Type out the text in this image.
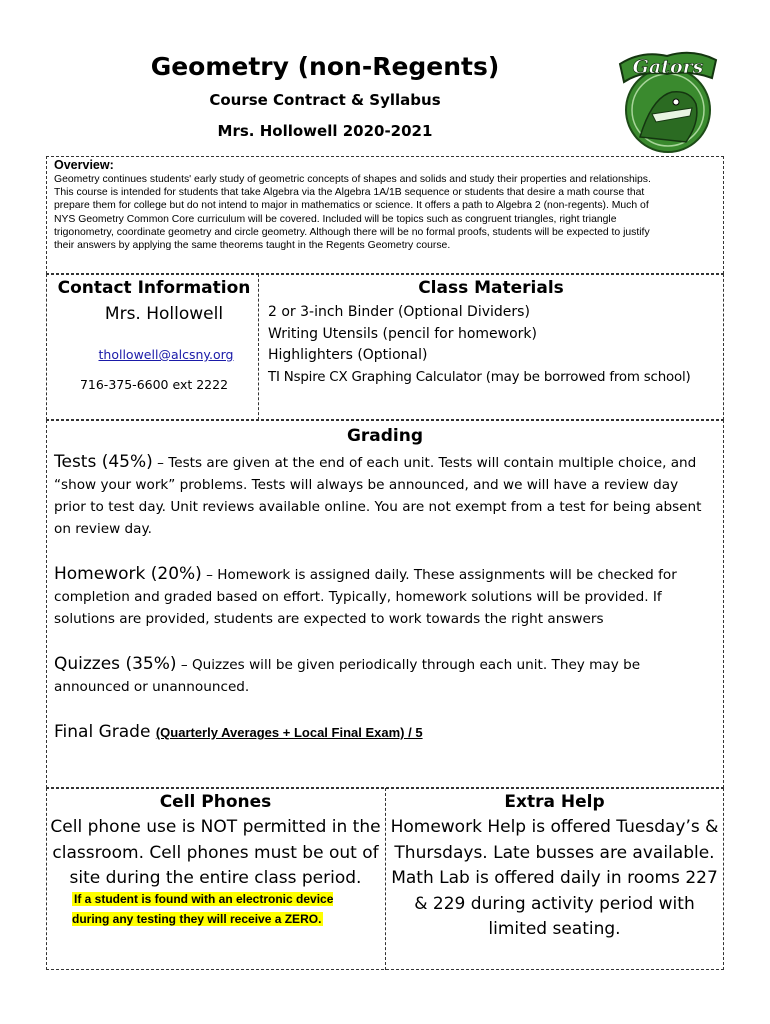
Geometry (non-Regents)
Course Contract & Syllabus
Mrs. Hollowell 2020-2021
Gators
Overview:
Geometry continues students' early study of geometric concepts of shapes and solids and study their properties and relationships.
This course is intended for students that take Algebra via the Algebra 1A/1B sequence or students that desire a math course that
prepare them for college but do not intend to major in mathematics or science. It offers a path to Algebra 2 (non-regents). Much of
NYS Geometry Common Core curriculum will be covered. Included will be topics such as congruent triangles, right triangle
trigonometry, coordinate geometry and circle geometry. Although there will be no formal proofs, students will be expected to justify
their answers by applying the same theorems taught in the Regents Geometry course.
Contact Information
Mrs. Hollowell
thollowell@alcsny.org
716-375-6600 ext 2222
Class Materials
2 or 3-inch Binder (Optional Dividers)
Writing Utensils (pencil for homework)
Highlighters (Optional)
TI Nspire CX Graphing Calculator (may be borrowed from school)
Grading
Tests (45%) – Tests are given at the end of each unit. Tests will contain multiple choice, and “show your work” problems. Tests will always be announced, and we will have a review day prior to test day. Unit reviews available online. You are not exempt from a test for being absent on review day.
Homework (20%) – Homework is assigned daily. These assignments will be checked for completion and graded based on effort. Typically, homework solutions will be provided. If solutions are provided, students are expected to work towards the right answers
Quizzes (35%) – Quizzes will be given periodically through each unit. They may be announced or unannounced.
Final Grade (Quarterly Averages + Local Final Exam) / 5
Cell Phones
Cell phone use is NOT permitted in the classroom. Cell phones must be out of site during the entire class period.
If a student is found with an electronic device during any testing they will receive a ZERO.
Extra Help
Homework Help is offered Tuesday’s & Thursdays. Late busses are available. Math Lab is offered daily in rooms 227 & 229 during activity period with limited seating.
